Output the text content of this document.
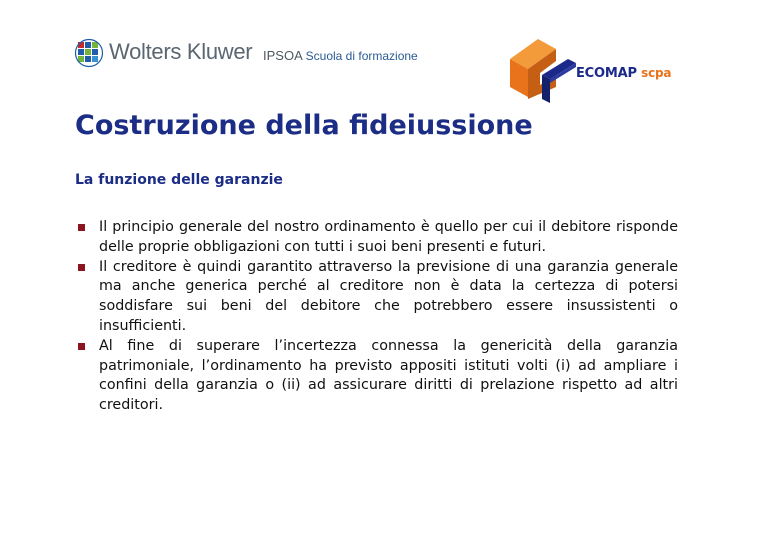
Wolters Kluwer IPSOA Scuola di formazione
ECOMAP scpa
Costruzione della fideiussione
La funzione delle garanzie
Il principio generale del nostro ordinamento è quello per cui il debitore risponde delle proprie obbligazioni con tutti i suoi beni presenti e futuri.
Il creditore è quindi garantito attraverso la previsione di una garanzia generale ma anche generica perché al creditore non è data la certezza di potersi soddisfare sui beni del debitore che potrebbero essere insussistenti o insufficienti.
Al fine di superare l’incertezza connessa la genericità della garanzia patrimoniale, l’ordinamento ha previsto appositi istituti volti (i) ad ampliare i confini della garanzia o (ii) ad assicurare diritti di prelazione rispetto ad altri creditori.
